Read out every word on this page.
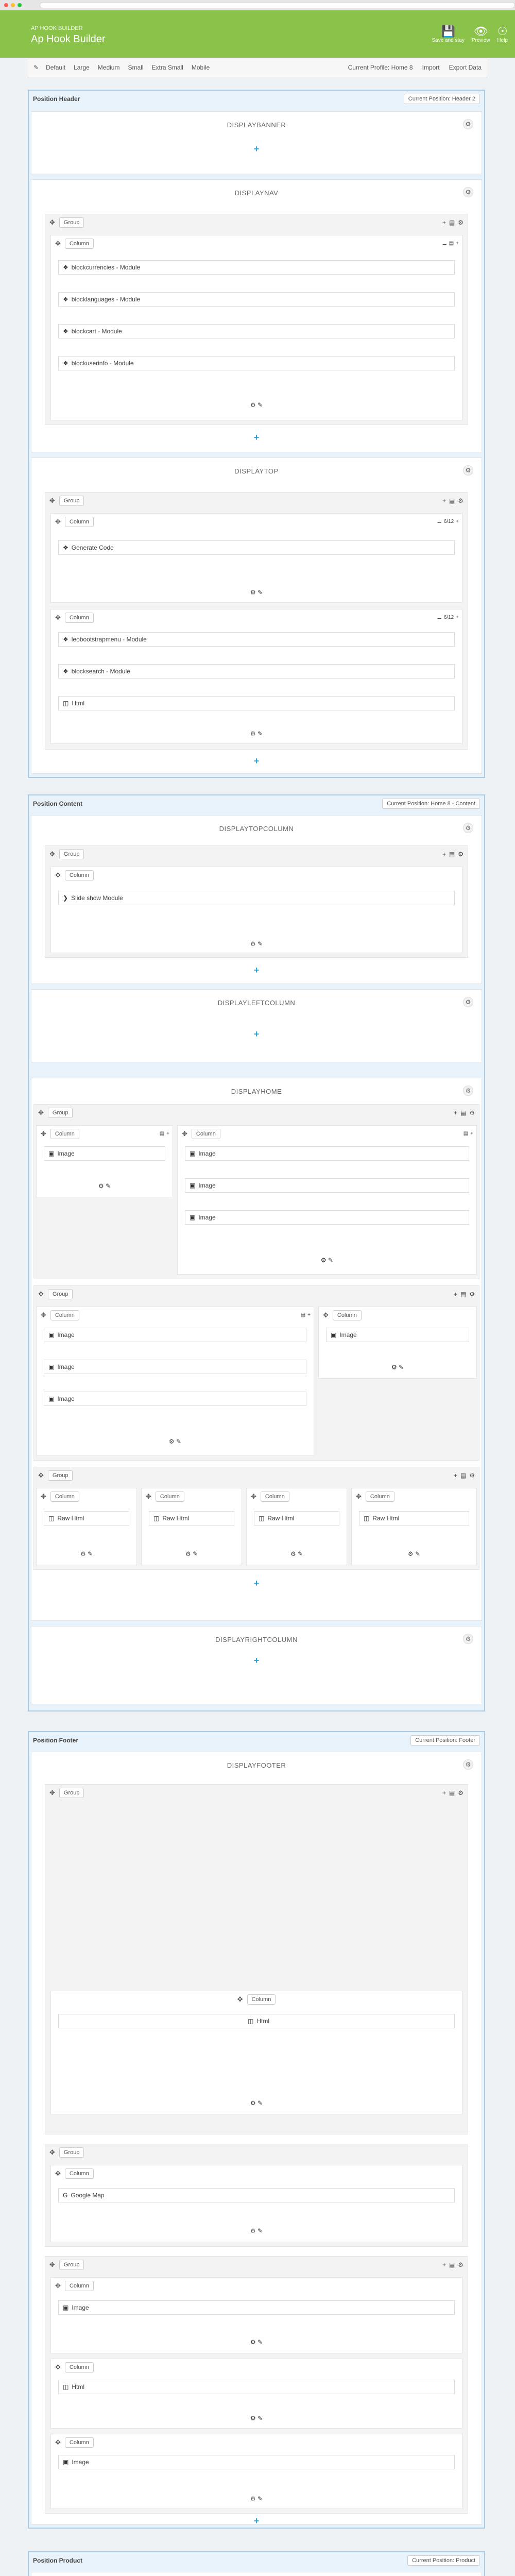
AP HOOK BUILDER
Ap Hook Builder
💾
Save and stay
👁
Preview
☉
Help
✎ Default Large Medium Small Extra Small Mobile	Current Profile: Home 8 Import Export Data
Position Header	Current Position: Header 2
DISPLAYBANNER	⚙
+
DISPLAYNAV	⚙
✥	Group	+ ▤ ⚙
✥	Column	⚊ ▤ +
❖ blockcurrencies - Module
❖ blocklanguages - Module
❖ blockcart - Module
❖ blockuserinfo - Module
⚙ ✎
+
DISPLAYTOP	⚙
✥	Group	+ ▤ ⚙
✥	Column	⚊ 6/12 +
❖ Generate Code
⚙ ✎
✥	Column	⚊ 6/12 +
❖ leobootstrapmenu - Module
❖ blocksearch - Module
◫ Html
⚙ ✎
+
Position Content	Current Position: Home 8 - Content
DISPLAYTOPCOLUMN	⚙
✥	Group	+ ▤ ⚙
✥	Column
❯ Slide show Module
⚙ ✎
+
DISPLAYLEFTCOLUMN	⚙
+
DISPLAYHOME	⚙
✥	Group	+ ▤ ⚙
✥	Column	▤ +
▣ Image
⚙ ✎
✥	Column	▤ +
▣ Image
▣ Image
▣ Image
⚙ ✎
✥	Group	+ ▤ ⚙
✥	Column	▤ +
▣ Image
▣ Image
▣ Image
⚙ ✎
✥	Column
▣ Image
⚙ ✎
✥	Group	+ ▤ ⚙
✥	Column
◫ Raw Html
⚙ ✎
✥	Column
◫ Raw Html
⚙ ✎
✥	Column
◫ Raw Html
⚙ ✎
✥	Column
◫ Raw Html
⚙ ✎
+
DISPLAYRIGHTCOLUMN	⚙
+
Position Footer	Current Position: Footer
DISPLAYFOOTER	⚙
✥	Group	+ ▤ ⚙
✥	Column
◫ Html
⚙ ✎
✥	Group
✥	Column
G Google Map
⚙ ✎
✥	Group	+ ▤ ⚙
✥	Column
▣ Image
⚙ ✎
✥	Column
◫ Html
⚙ ✎
✥	Column
▣ Image
⚙ ✎
+
Position Product	Current Position: Product
